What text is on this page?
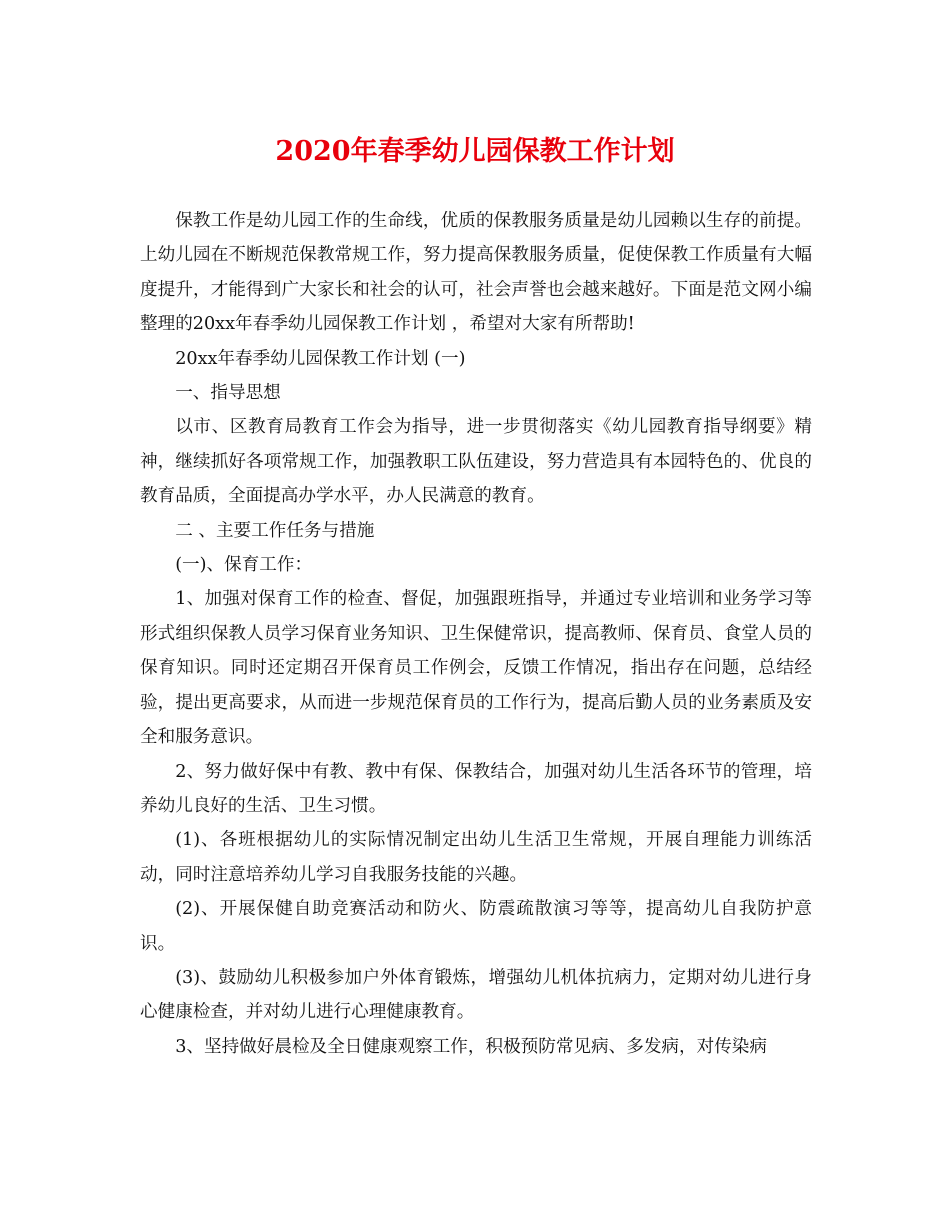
2020年春季幼儿园保教工作计划

保教工作是幼儿园工作的生命线，优质的保教服务质量是幼儿园赖以生存的前提。上幼儿园在不断规范保教常规工作，努力提高保教服务质量，促使保教工作质量有大幅度提升，才能得到广大家长和社会的认可，社会声誉也会越来越好。下面是范文网小编整理的20xx年春季幼儿园保教工作计划 ，希望对大家有所帮助!

20xx年春季幼儿园保教工作计划 (一)

一、指导思想

以市、区教育局教育工作会为指导，进一步贯彻落实《幼儿园教育指导纲要》精神，继续抓好各项常规工作，加强教职工队伍建设，努力营造具有本园特色的、优良的教育品质，全面提高办学水平，办人民满意的教育。

二 、主要工作任务与措施

(一)、保育工作：

1、加强对保育工作的检查、督促，加强跟班指导，并通过专业培训和业务学习等形式组织保教人员学习保育业务知识、卫生保健常识，提高教师、保育员、食堂人员的保育知识。同时还定期召开保育员工作例会，反馈工作情况，指出存在问题，总结经验，提出更高要求，从而进一步规范保育员的工作行为，提高后勤人员的业务素质及安全和服务意识。

2、努力做好保中有教、教中有保、保教结合，加强对幼儿生活各环节的管理，培养幼儿良好的生活、卫生习惯。

(1)、各班根据幼儿的实际情况制定出幼儿生活卫生常规，开展自理能力训练活动，同时注意培养幼儿学习自我服务技能的兴趣。

(2)、开展保健自助竞赛活动和防火、防震疏散演习等等，提高幼儿自我防护意识。

(3)、鼓励幼儿积极参加户外体育锻炼，增强幼儿机体抗病力，定期对幼儿进行身心健康检查，并对幼儿进行心理健康教育。

3、坚持做好晨检及全日健康观察工作，积极预防常见病、多发病，对传染病
